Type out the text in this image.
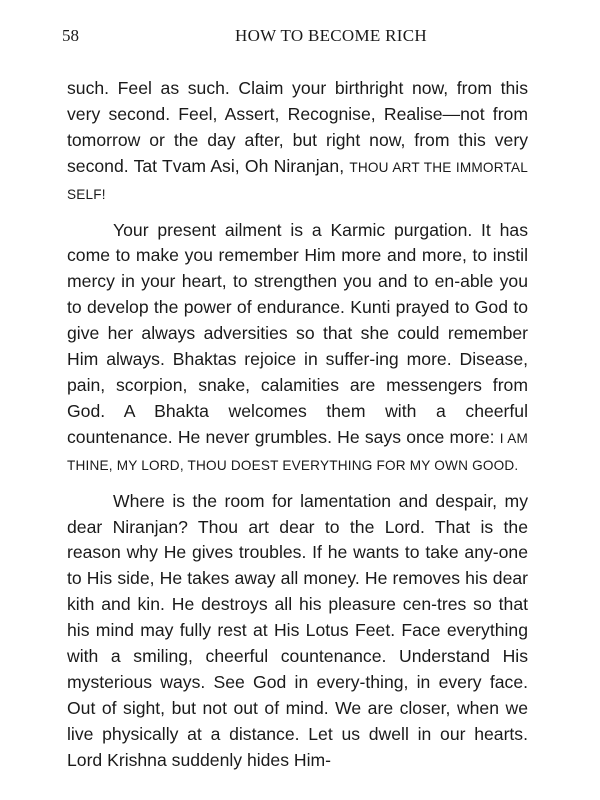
58	HOW TO BECOME RICH

such. Feel as such. Claim your birthright now, from this very second. Feel, Assert, Recognise, Realise—not from tomorrow or the day after, but right now, from this very second. Tat Tvam Asi, Oh Niranjan, THOU ART THE IMMORTAL SELF!

Your present ailment is a Karmic purgation. It has come to make you remember Him more and more, to instil mercy in your heart, to strengthen you and to en-able you to develop the power of endurance. Kunti prayed to God to give her always adversities so that she could remember Him always. Bhaktas rejoice in suffer-ing more. Disease, pain, scorpion, snake, calamities are messengers from God. A Bhakta welcomes them with a cheerful countenance. He never grumbles. He says once more: I AM THINE, MY LORD, THOU DOEST EVERYTHING FOR MY OWN GOOD.

Where is the room for lamentation and despair, my dear Niranjan? Thou art dear to the Lord. That is the reason why He gives troubles. If he wants to take any-one to His side, He takes away all money. He removes his dear kith and kin. He destroys all his pleasure cen-tres so that his mind may fully rest at His Lotus Feet. Face everything with a smiling, cheerful countenance. Understand His mysterious ways. See God in every-thing, in every face. Out of sight, but not out of mind. We are closer, when we live physically at a distance. Let us dwell in our hearts. Lord Krishna suddenly hides Him-
